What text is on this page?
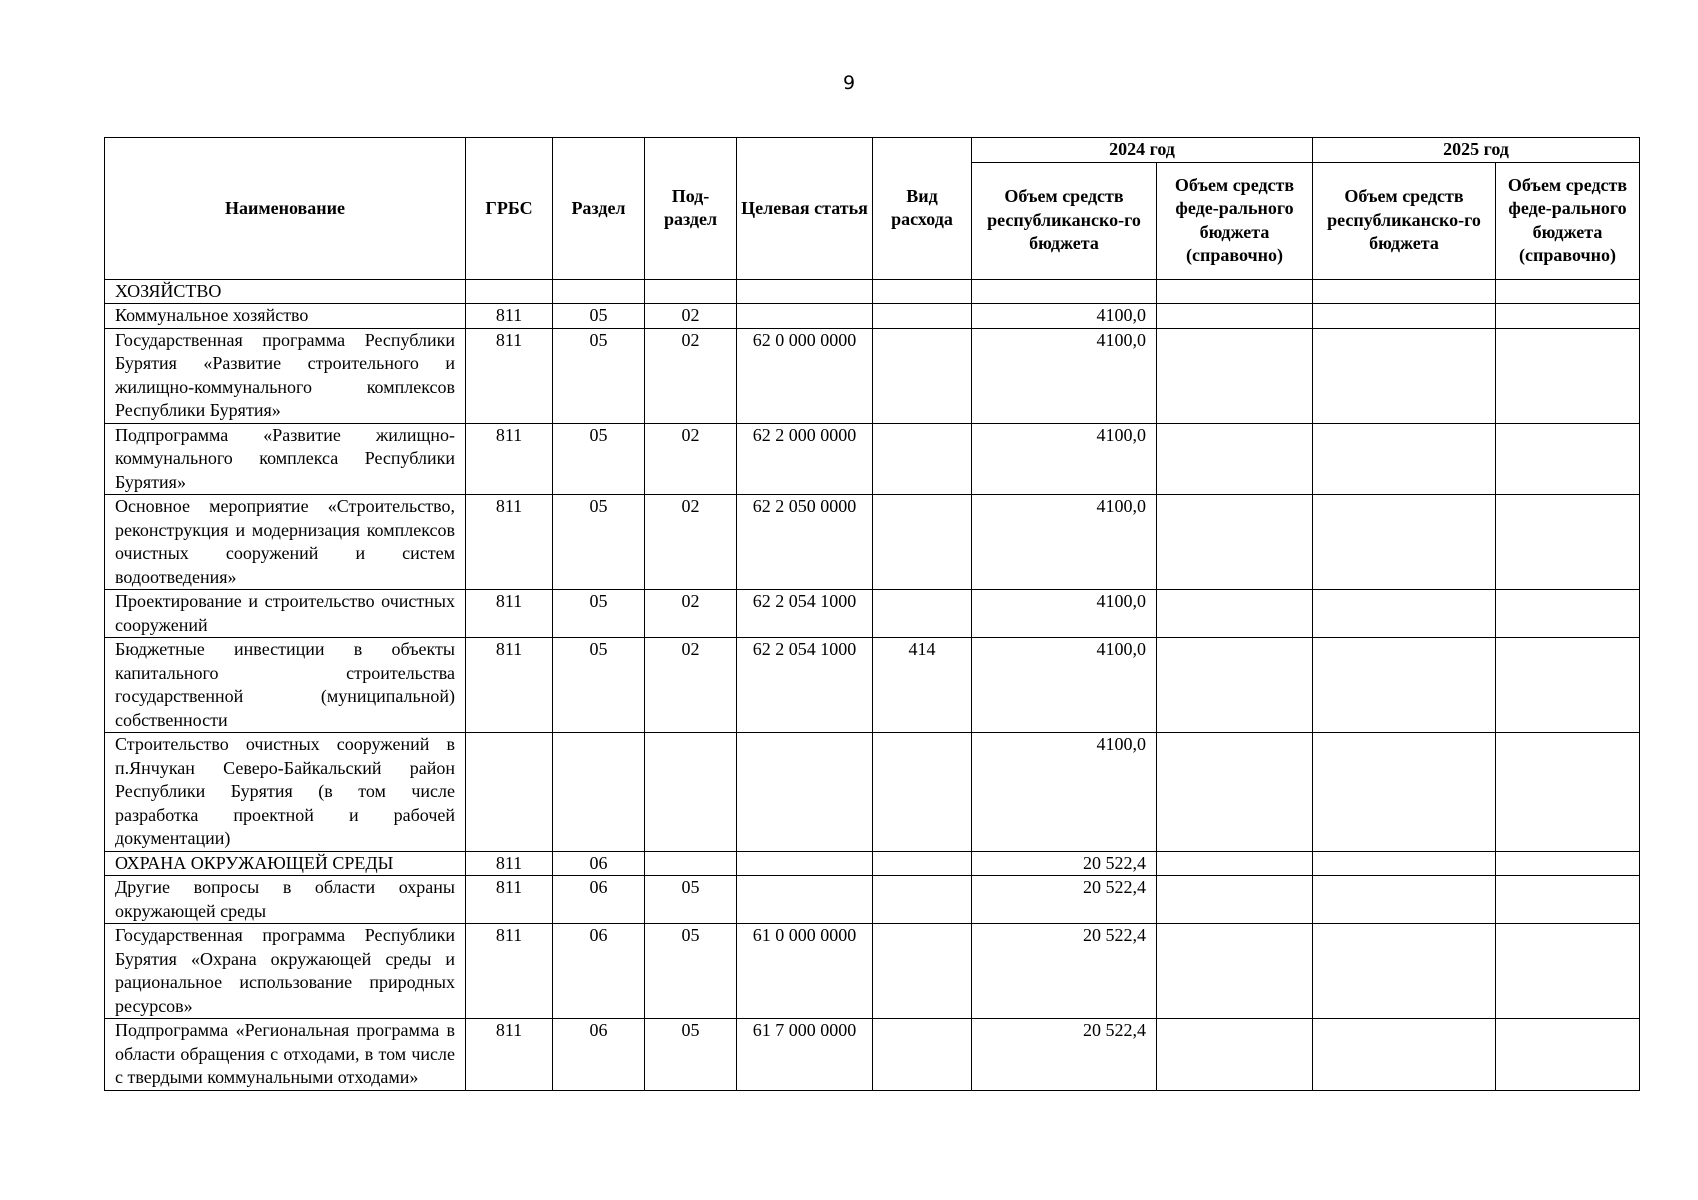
9
Наименование	ГРБС	Раздел	Под-раздел	Целевая статья	Вид расхода	2024 год		2025 год	
						Объем средств республиканско-го бюджета	Объем средств феде-рального бюджета (справочно)	Объем средств республиканско-го бюджета	Объем средств феде-рального бюджета (справочно)
ХОЗЯЙСТВО									
Коммунальное хозяйство	811	05	02			4100,0			
Государственная программа Республики Бурятия «Развитие строительного и жилищно-коммунального комплексов Республики Бурятия»	811	05	02	62 0 000 0000		4100,0			
Подпрограмма «Развитие жилищно-коммунального комплекса Республики Бурятия»	811	05	02	62 2 000 0000		4100,0			
Основное мероприятие «Строительство, реконструкция и модернизация комплексов очистных сооружений и систем водоотведения»	811	05	02	62 2 050 0000		4100,0			
Проектирование и строительство очистных сооружений	811	05	02	62 2 054 1000		4100,0			
Бюджетные инвестиции в объекты капитального строительства государственной (муниципальной) собственности	811	05	02	62 2 054 1000	414	4100,0			
Строительство очистных сооружений в п.Янчукан Северо-Байкальский район Республики Бурятия (в том числе разработка проектной и рабочей документации)						4100,0			
ОХРАНА ОКРУЖАЮЩЕЙ СРЕДЫ	811	06				20 522,4			
Другие вопросы в области охраны окружающей среды	811	06	05			20 522,4			
Государственная программа Республики Бурятия «Охрана окружающей среды и рациональное использование природных ресурсов»	811	06	05	61 0 000 0000		20 522,4			
Подпрограмма «Региональная программа в области обращения с отходами, в том числе с твердыми коммунальными отходами»	811	06	05	61 7 000 0000		20 522,4			
